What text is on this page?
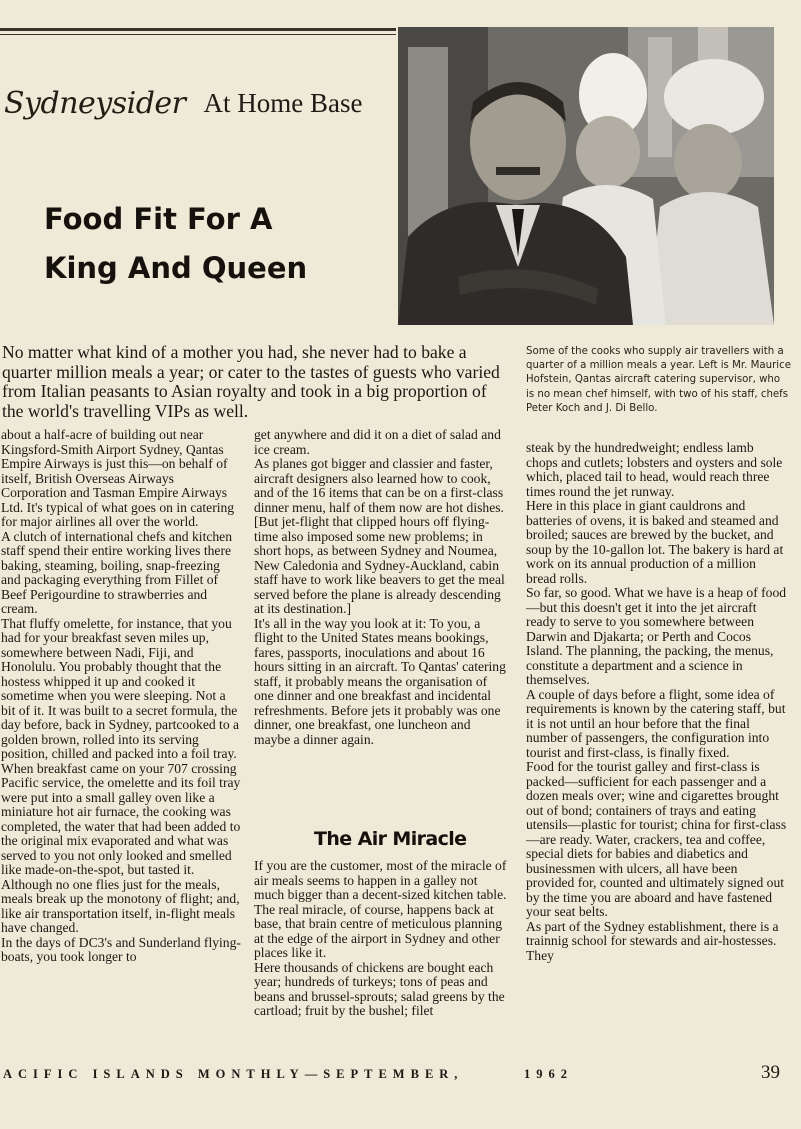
Sydneysider At Home Base
Food Fit For A
King And Queen
No matter what kind of a mother you had, she never had to bake a quarter million meals a year; or cater to the tastes of guests who varied from Italian peasants to Asian royalty and took in a big proportion of the world's travelling VIPs as well.
Some of the cooks who supply air travellers with a quarter of a million meals a year. Left is Mr. Maurice Hofstein, Qantas aircraft catering supervisor, who is no mean chef himself, with two of his staff, chefs Peter Koch and J. Di Bello.
about a half-acre of building out near Kingsford-Smith Airport Sydney, Qantas Empire Airways is just this—on behalf of itself, British Overseas Airways Corporation and Tasman Empire Airways Ltd. It's typical of what goes on in catering for major airlines all over the world.
A clutch of international chefs and kitchen staff spend their entire working lives there baking, steaming, boiling, snap-freezing and packaging everything from Fillet of Beef Perigourdine to strawberries and cream.
That fluffy omelette, for instance, that you had for your breakfast seven miles up, somewhere between Nadi, Fiji, and Honolulu. You probably thought that the hostess whipped it up and cooked it sometime when you were sleeping. Not a bit of it. It was built to a secret formula, the day before, back in Sydney, partcooked to a golden brown, rolled into its serving position, chilled and packed into a foil tray.
When breakfast came on your 707 crossing Pacific service, the omelette and its foil tray were put into a small galley oven like a miniature hot air furnace, the cooking was completed, the water that had been added to the original mix evaporated and what was served to you not only looked and smelled like made-on-the-spot, but tasted it.
Although no one flies just for the meals, meals break up the monotony of flight; and, like air transportation itself, in-flight meals have changed.
In the days of DC3's and Sunderland flying-boats, you took longer to
get anywhere and did it on a diet of salad and ice cream.
As planes got bigger and classier and faster, aircraft designers also learned how to cook, and of the 16 items that can be on a first-class dinner menu, half of them now are hot dishes.
[But jet-flight that clipped hours off flying-time also imposed some new problems; in short hops, as between Sydney and Noumea, New Caledonia and Sydney-Auckland, cabin staff have to work like beavers to get the meal served before the plane is already descending at its destination.]
It's all in the way you look at it: To you, a flight to the United States means bookings, fares, passports, inoculations and about 16 hours sitting in an aircraft. To Qantas' catering staff, it probably means the organisation of one dinner and one breakfast and incidental refreshments. Before jets it probably was one dinner, one breakfast, one luncheon and maybe a dinner again.
The Air Miracle
If you are the customer, most of the miracle of air meals seems to happen in a galley not much bigger than a decent-sized kitchen table. The real miracle, of course, happens back at base, that brain centre of meticulous planning at the edge of the airport in Sydney and other places like it.
Here thousands of chickens are bought each year; hundreds of turkeys; tons of peas and beans and brussel-sprouts; salad greens by the cartload; fruit by the bushel; filet
steak by the hundredweight; endless lamb chops and cutlets; lobsters and oysters and sole which, placed tail to head, would reach three times round the jet runway.
Here in this place in giant cauldrons and batteries of ovens, it is baked and steamed and broiled; sauces are brewed by the bucket, and soup by the 10-gallon lot. The bakery is hard at work on its annual production of a million bread rolls.
So far, so good. What we have is a heap of food—but this doesn't get it into the jet aircraft ready to serve to you somewhere between Darwin and Djakarta; or Perth and Cocos Island. The planning, the packing, the menus, constitute a department and a science in themselves.
A couple of days before a flight, some idea of requirements is known by the catering staff, but it is not until an hour before that the final number of passengers, the configuration into tourist and first-class, is finally fixed.
Food for the tourist galley and first-class is packed—sufficient for each passenger and a dozen meals over; wine and cigarettes brought out of bond; containers of trays and eating utensils—plastic for tourist; china for first-class—are ready. Water, crackers, tea and coffee, special diets for babies and diabetics and businessmen with ulcers, all have been provided for, counted and ultimately signed out by the time you are aboard and have fastened your seat belts.
As part of the Sydney establishment, there is a trainnig school for stewards and air-hostesses. They
ACIFIC ISLANDS MONTHLY—SEPTEMBER,	1962	39
